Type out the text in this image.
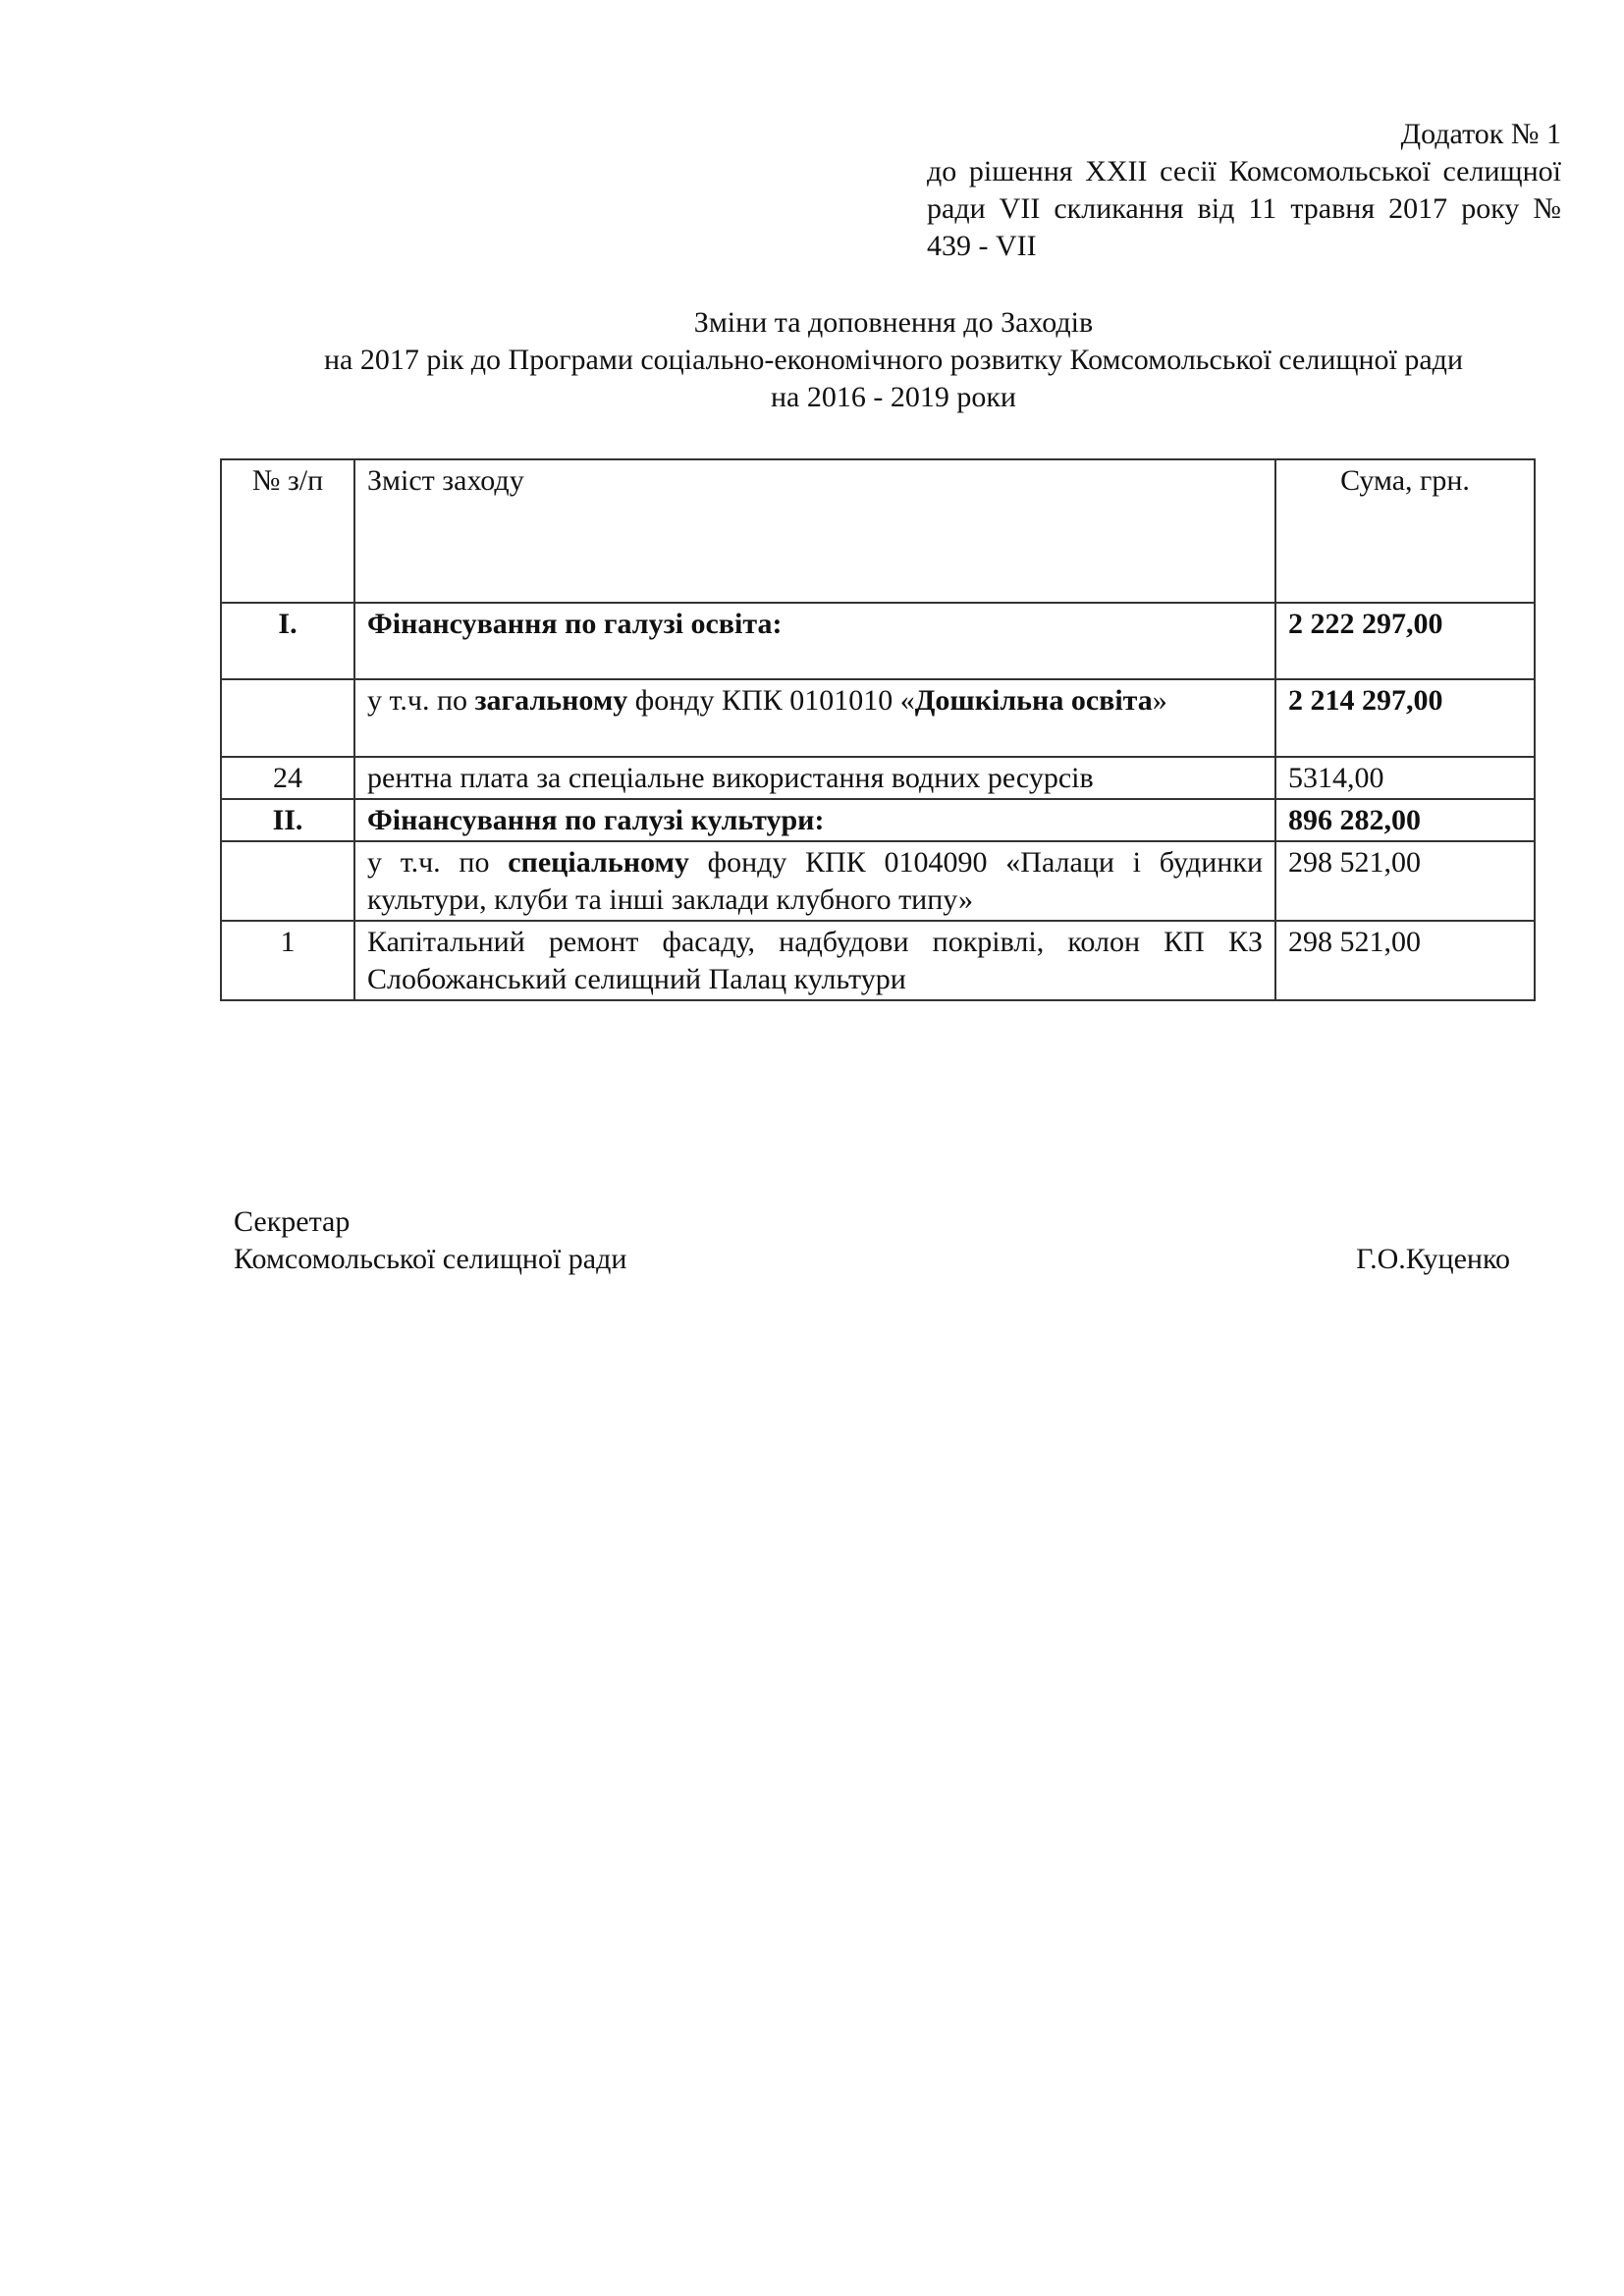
Додаток № 1
до рішення XXII сесії Комсомольської селищної ради VII скликання від 11 травня 2017 року № 439 - VII
Зміни та доповнення до Заходів
на 2017 рік до Програми соціально-економічного розвитку Комсомольської селищної ради
на 2016 - 2019 роки
№ з/п	Зміст заходу	Сума, грн.
I.	Фінансування по галузі освіта:	2 222 297,00
	у т.ч. по загальному фонду КПК 0101010 «Дошкільна освіта»	2 214 297,00
24	рентна плата за спеціальне використання водних ресурсів	5314,00
II.	Фінансування по галузі культури:	896 282,00
	у т.ч. по спеціальному фонду КПК 0104090 «Палаци і будинки культури, клуби та інші заклади клубного типу»	298 521,00
1	Капітальний ремонт фасаду, надбудови покрівлі, колон КП КЗ Слобожанський селищний Палац культури	298 521,00
Секретар
Комсомольської селищної ради	Г.О.Куценко
